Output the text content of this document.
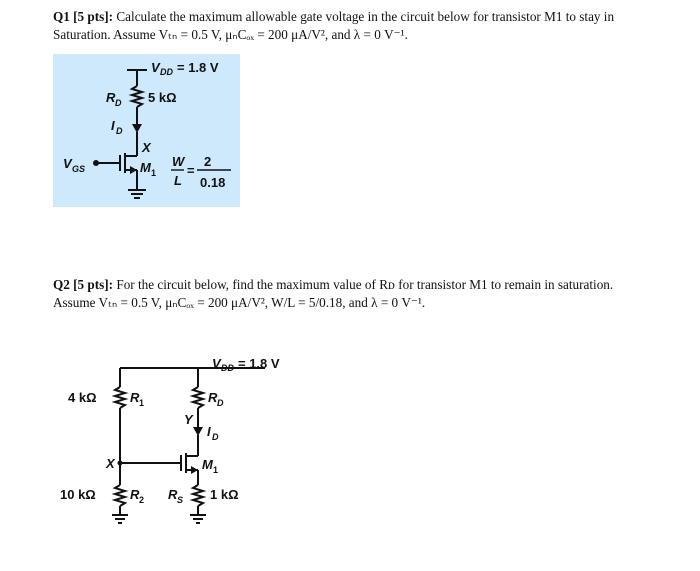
Q1 [5 pts]: Calculate the maximum allowable gate voltage in the circuit below for transistor M1 to stay in
Saturation. Assume Vₜₙ = 0.5 V, μₙCₒₓ = 200 μA/V², and λ = 0 V⁻¹.
V DD = 1.8 V
R D 5 kΩ
I D
X
V GS	M 1
W
L
=
2
0.18
Q2 [5 pts]: For the circuit below, find the maximum value of Rᴅ for transistor M1 to remain in saturation.
Assume Vₜₙ = 0.5 V, μₙCₒₓ = 200 μA/V², W/L = 5/0.18, and λ = 0 V⁻¹.
V DD = 1.8 V
4 kΩ	R 1	R D
Y
I D
X	M 1
10 kΩ	R 2 R S 1 kΩ
